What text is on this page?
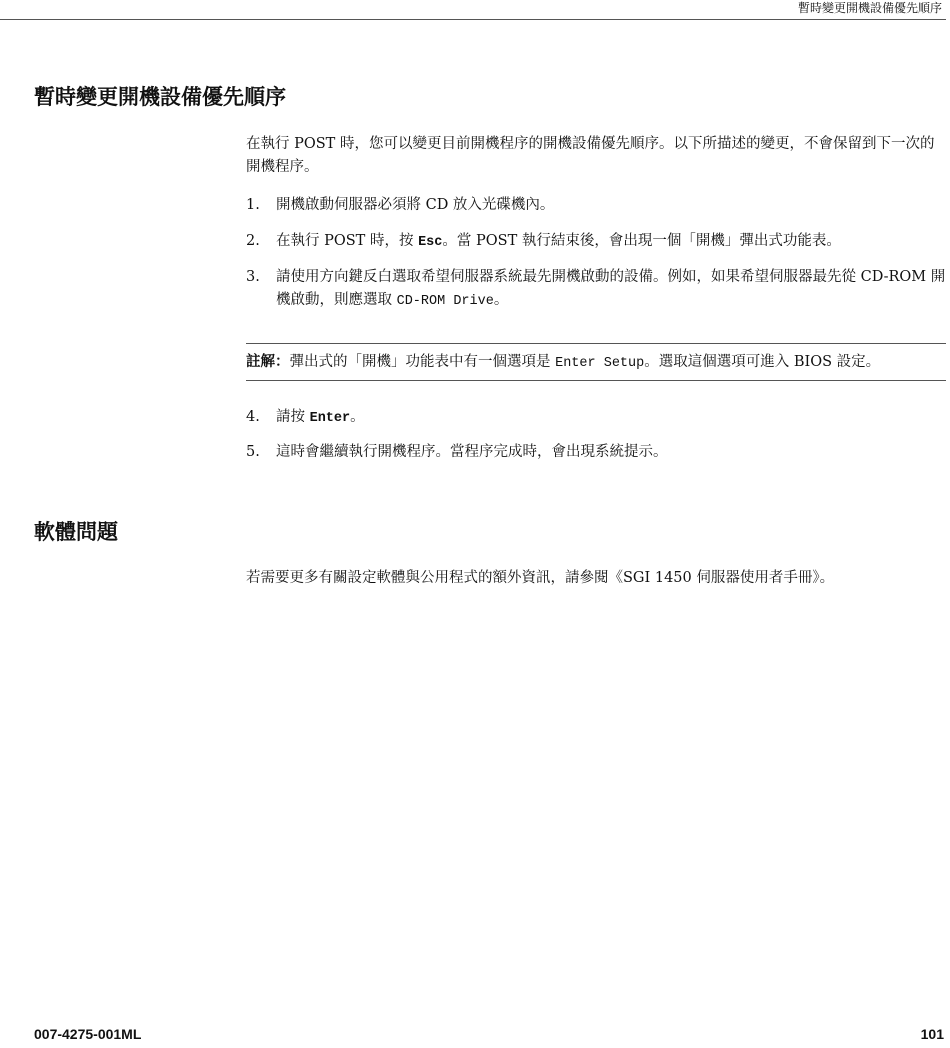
暫時變更開機設備優先順序
暫時變更開機設備優先順序

在執行 POST 時，您可以變更目前開機程序的開機設備優先順序。以下所描述的變更，不會保留到下一次的開機程序。

1.	開機啟動伺服器必須將 CD 放入光碟機內。
2.	在執行 POST 時，按 Esc。當 POST 執行結束後，會出現一個「開機」彈出式功能表。
3.	請使用方向鍵反白選取希望伺服器系統最先開機啟動的設備。例如，如果希望伺服器最先從 CD-ROM 開機啟動，則應選取 CD-ROM Drive。
註解：彈出式的「開機」功能表中有一個選項是 Enter Setup。選取這個選項可進入 BIOS 設定。
4.	請按 Enter。
5.	這時會繼續執行開機程序。當程序完成時，會出現系統提示。
軟體問題

若需要更多有關設定軟體與公用程式的額外資訊，請參閱《SGI 1450 伺服器使用者手冊》。

007-4275-001ML	101
